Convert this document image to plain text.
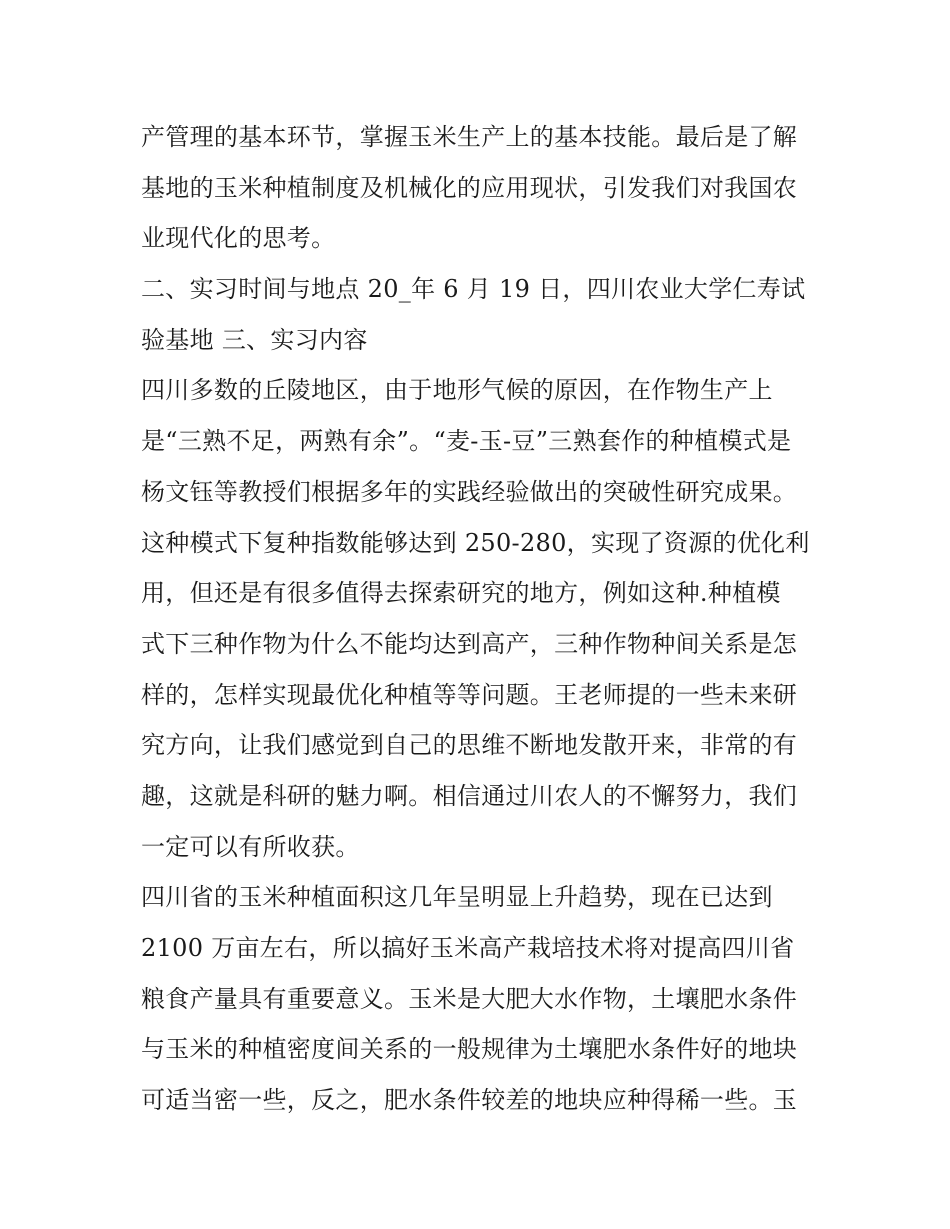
产管理的基本环节，掌握玉米生产上的基本技能。最后是了解
基地的玉米种植制度及机械化的应用现状，引发我们对我国农
业现代化的思考。
二、实习时间与地点 20_年 6 月 19 日，四川农业大学仁寿试
验基地 三、实习内容
四川多数的丘陵地区，由于地形气候的原因，在作物生产上
是“三熟不足，两熟有余”。“麦-玉-豆”三熟套作的种植模式是
杨文钰等教授们根据多年的实践经验做出的突破性研究成果。
这种模式下复种指数能够达到 250-280，实现了资源的优化利
用，但还是有很多值得去探索研究的地方，例如这种.种植模
式下三种作物为什么不能均达到高产，三种作物种间关系是怎
样的，怎样实现最优化种植等等问题。王老师提的一些未来研
究方向，让我们感觉到自己的思维不断地发散开来，非常的有
趣，这就是科研的魅力啊。相信通过川农人的不懈努力，我们
一定可以有所收获。
四川省的玉米种植面积这几年呈明显上升趋势，现在已达到
2100 万亩左右，所以搞好玉米高产栽培技术将对提高四川省
粮食产量具有重要意义。玉米是大肥大水作物，土壤肥水条件
与玉米的种植密度间关系的一般规律为土壤肥水条件好的地块
可适当密一些，反之，肥水条件较差的地块应种得稀一些。玉
